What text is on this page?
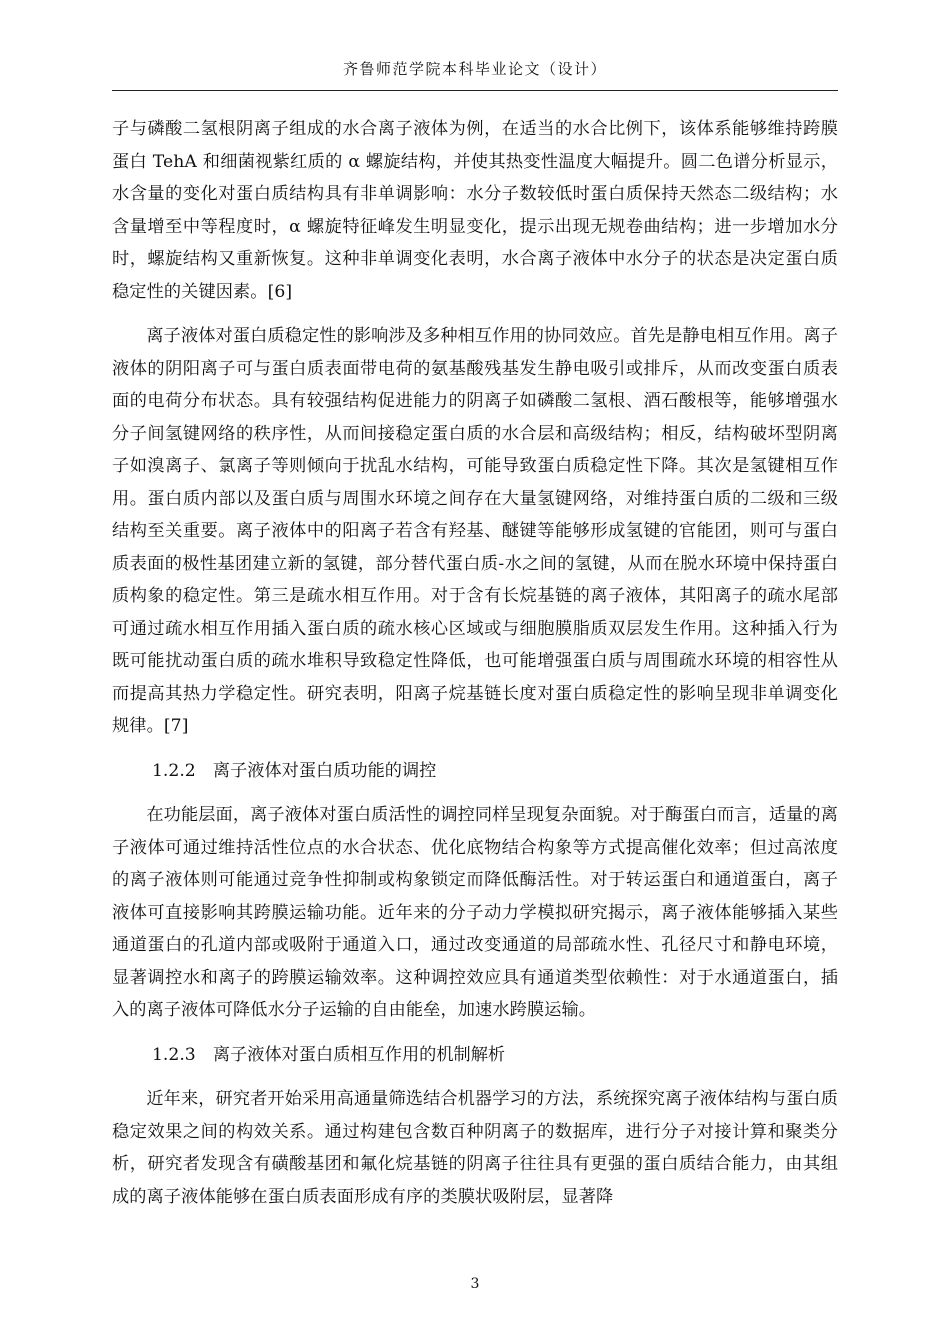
齐鲁师范学院本科毕业论文（设计）

子与磷酸二氢根阴离子组成的水合离子液体为例，在适当的水合比例下，该体系能够维持跨膜蛋白 TehA 和细菌视紫红质的 α 螺旋结构，并使其热变性温度大幅提升。圆二色谱分析显示，水含量的变化对蛋白质结构具有非单调影响：水分子数较低时蛋白质保持天然态二级结构；水含量增至中等程度时，α 螺旋特征峰发生明显变化，提示出现无规卷曲结构；进一步增加水分时，螺旋结构又重新恢复。这种非单调变化表明，水合离子液体中水分子的状态是决定蛋白质稳定性的关键因素。[6]

离子液体对蛋白质稳定性的影响涉及多种相互作用的协同效应。首先是静电相互作用。离子液体的阴阳离子可与蛋白质表面带电荷的氨基酸残基发生静电吸引或排斥，从而改变蛋白质表面的电荷分布状态。具有较强结构促进能力的阴离子如磷酸二氢根、酒石酸根等，能够增强水分子间氢键网络的秩序性，从而间接稳定蛋白质的水合层和高级结构；相反，结构破坏型阴离子如溴离子、氯离子等则倾向于扰乱水结构，可能导致蛋白质稳定性下降。其次是氢键相互作用。蛋白质内部以及蛋白质与周围水环境之间存在大量氢键网络，对维持蛋白质的二级和三级结构至关重要。离子液体中的阳离子若含有羟基、醚键等能够形成氢键的官能团，则可与蛋白质表面的极性基团建立新的氢键，部分替代蛋白质-水之间的氢键，从而在脱水环境中保持蛋白质构象的稳定性。第三是疏水相互作用。对于含有长烷基链的离子液体，其阳离子的疏水尾部可通过疏水相互作用插入蛋白质的疏水核心区域或与细胞膜脂质双层发生作用。这种插入行为既可能扰动蛋白质的疏水堆积导致稳定性降低，也可能增强蛋白质与周围疏水环境的相容性从而提高其热力学稳定性。研究表明，阳离子烷基链长度对蛋白质稳定性的影响呈现非单调变化规律。[7]

1.2.2　离子液体对蛋白质功能的调控

在功能层面，离子液体对蛋白质活性的调控同样呈现复杂面貌。对于酶蛋白而言，适量的离子液体可通过维持活性位点的水合状态、优化底物结合构象等方式提高催化效率；但过高浓度的离子液体则可能通过竞争性抑制或构象锁定而降低酶活性。对于转运蛋白和通道蛋白，离子液体可直接影响其跨膜运输功能。近年来的分子动力学模拟研究揭示，离子液体能够插入某些通道蛋白的孔道内部或吸附于通道入口，通过改变通道的局部疏水性、孔径尺寸和静电环境，显著调控水和离子的跨膜运输效率。这种调控效应具有通道类型依赖性：对于水通道蛋白，插入的离子液体可降低水分子运输的自由能垒，加速水跨膜运输。

1.2.3　离子液体对蛋白质相互作用的机制解析

近年来，研究者开始采用高通量筛选结合机器学习的方法，系统探究离子液体结构与蛋白质稳定效果之间的构效关系。通过构建包含数百种阴离子的数据库，进行分子对接计算和聚类分析，研究者发现含有磺酸基团和氟化烷基链的阴离子往往具有更强的蛋白质结合能力，由其组成的离子液体能够在蛋白质表面形成有序的类膜状吸附层，显著降

3
